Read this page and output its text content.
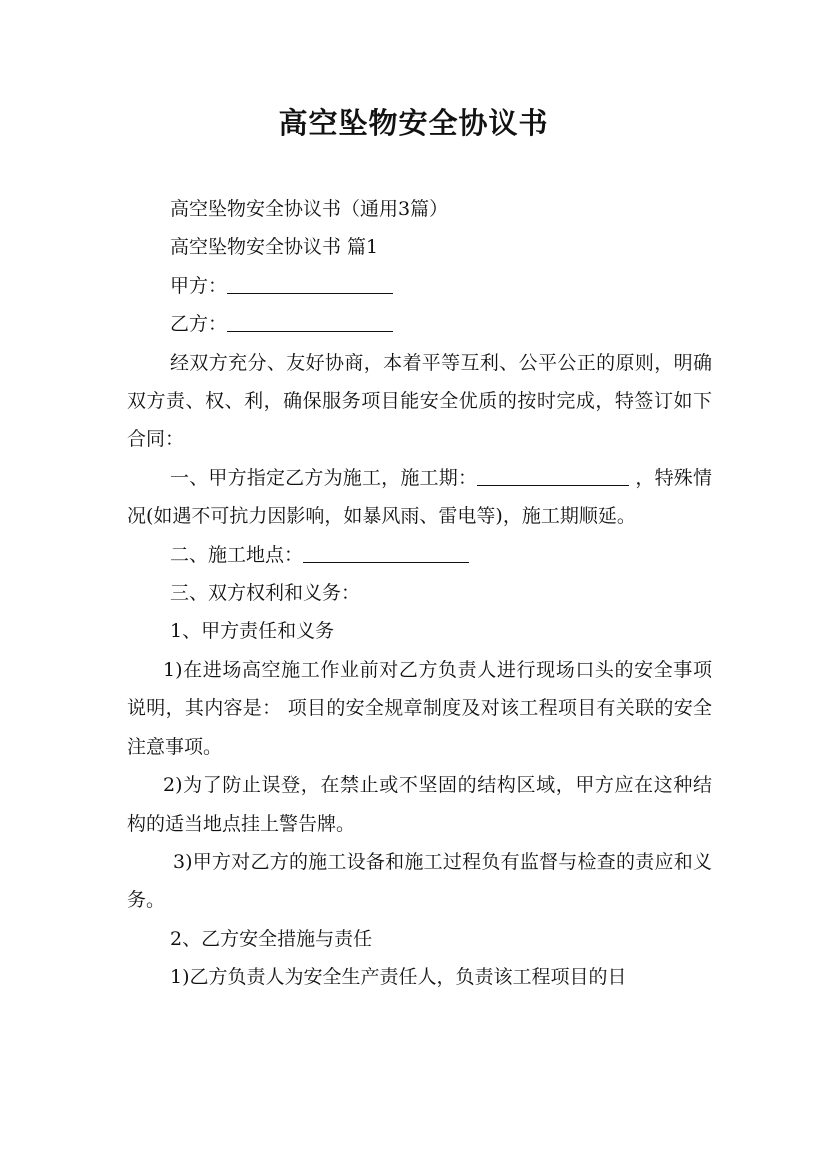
高空坠物安全协议书

高空坠物安全协议书（通用3篇）

高空坠物安全协议书 篇1

甲方：

乙方：

经双方充分、友好协商，本着平等互利、公平公正的原则，明确双方责、权、利，确保服务项目能安全优质的按时完成，特签订如下合同：

一、甲方指定乙方为施工，施工期：	，特殊情况(如遇不可抗力因影响，如暴风雨、雷电等)，施工期顺延。

二、施工地点：

三、双方权利和义务：

1、甲方责任和义务

1)在进场高空施工作业前对乙方负责人进行现场口头的安全事项说明，其内容是： 项目的安全规章制度及对该工程项目有关联的安全注意事项。

2)为了防止误登，在禁止或不坚固的结构区域，甲方应在这种结构的适当地点挂上警告牌。

3)甲方对乙方的施工设备和施工过程负有监督与检查的责应和义务。

2、乙方安全措施与责任

1)乙方负责人为安全生产责任人，负责该工程项目的日
